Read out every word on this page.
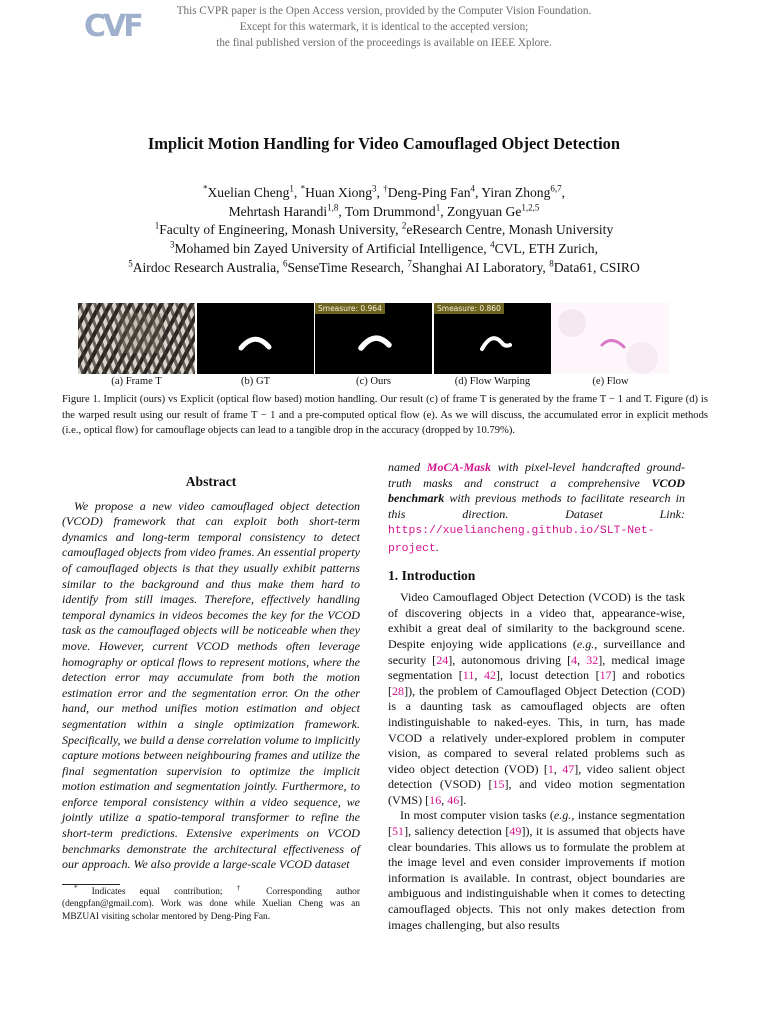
CVF	This CVPR paper is the Open Access version, provided by the Computer Vision Foundation.
Except for this watermark, it is identical to the accepted version;
the final published version of the proceedings is available on IEEE Xplore.
Implicit Motion Handling for Video Camouflaged Object Detection
*Xuelian Cheng$^1$, *Huan Xiong$^3$, †Deng-Ping Fan$^4$, Yiran Zhong$^{6,7}$,
Mehrtash Harandi$^{1,8}$, Tom Drummond$^1$, Zongyuan Ge$^{1,2,5}$
$^1$Faculty of Engineering, Monash University, $^2$eResearch Centre, Monash University
$^3$Mohamed bin Zayed University of Artificial Intelligence, $^4$CVL, ETH Zurich,
$^5$Airdoc Research Australia, $^6$SenseTime Research, $^7$Shanghai AI Laboratory, $^8$Data61, CSIRO
Smeasure: 0.964	Smeasure: 0.860
(a) Frame T	(b) GT	(c) Ours	(d) Flow Warping	(e) Flow
Figure 1. Implicit (ours) vs Explicit (optical flow based) motion handling. Our result (c) of frame T is generated by the frame T − 1 and T. Figure (d) is the warped result using our result of frame T − 1 and a pre-computed optical flow (e). As we will discuss, the accumulated error in explicit methods (i.e., optical flow) for camouflage objects can lead to a tangible drop in the accuracy (dropped by 10.79%).
Abstract

We propose a new video camouflaged object detection (VCOD) framework that can exploit both short-term dynamics and long-term temporal consistency to detect camouflaged objects from video frames. An essential property of camouflaged objects is that they usually exhibit patterns similar to the background and thus make them hard to identify from still images. Therefore, effectively handling temporal dynamics in videos becomes the key for the VCOD task as the camouflaged objects will be noticeable when they move. However, current VCOD methods often leverage homography or optical flows to represent motions, where the detection error may accumulate from both the motion estimation error and the segmentation error. On the other hand, our method unifies motion estimation and object segmentation within a single optimization framework. Specifically, we build a dense correlation volume to implicitly capture motions between neighbouring frames and utilize the final segmentation supervision to optimize the implicit motion estimation and segmentation jointly. Furthermore, to enforce temporal consistency within a video sequence, we jointly utilize a spatio-temporal transformer to refine the short-term predictions. Extensive experiments on VCOD benchmarks demonstrate the architectural effectiveness of our approach. We also provide a large-scale VCOD dataset

* Indicates equal contribution; † Corresponding author (dengpfan@gmail.com). Work was done while Xuelian Cheng was an MBZUAI visiting scholar mentored by Deng-Ping Fan.

named MoCA-Mask with pixel-level handcrafted ground-truth masks and construct a comprehensive VCOD benchmark with previous methods to facilitate research in this direction. Dataset Link: https://xueliancheng.github.io/SLT-Net-project.

1. Introduction

Video Camouflaged Object Detection (VCOD) is the task of discovering objects in a video that, appearance-wise, exhibit a great deal of similarity to the background scene. Despite enjoying wide applications (e.g., surveillance and security [24], autonomous driving [4, 32], medical image segmentation [11, 42], locust detection [17] and robotics [28]), the problem of Camouflaged Object Detection (COD) is a daunting task as camouflaged objects are often indistinguishable to naked-eyes. This, in turn, has made VCOD a relatively under-explored problem in computer vision, as compared to several related problems such as video object detection (VOD) [1, 47], video salient object detection (VSOD) [15], and video motion segmentation (VMS) [16, 46].

In most computer vision tasks (e.g., instance segmentation [51], saliency detection [49]), it is assumed that objects have clear boundaries. This allows us to formulate the problem at the image level and even consider improvements if motion information is available. In contrast, object boundaries are ambiguous and indistinguishable when it comes to detecting camouflaged objects. This not only makes detection from images challenging, but also results
